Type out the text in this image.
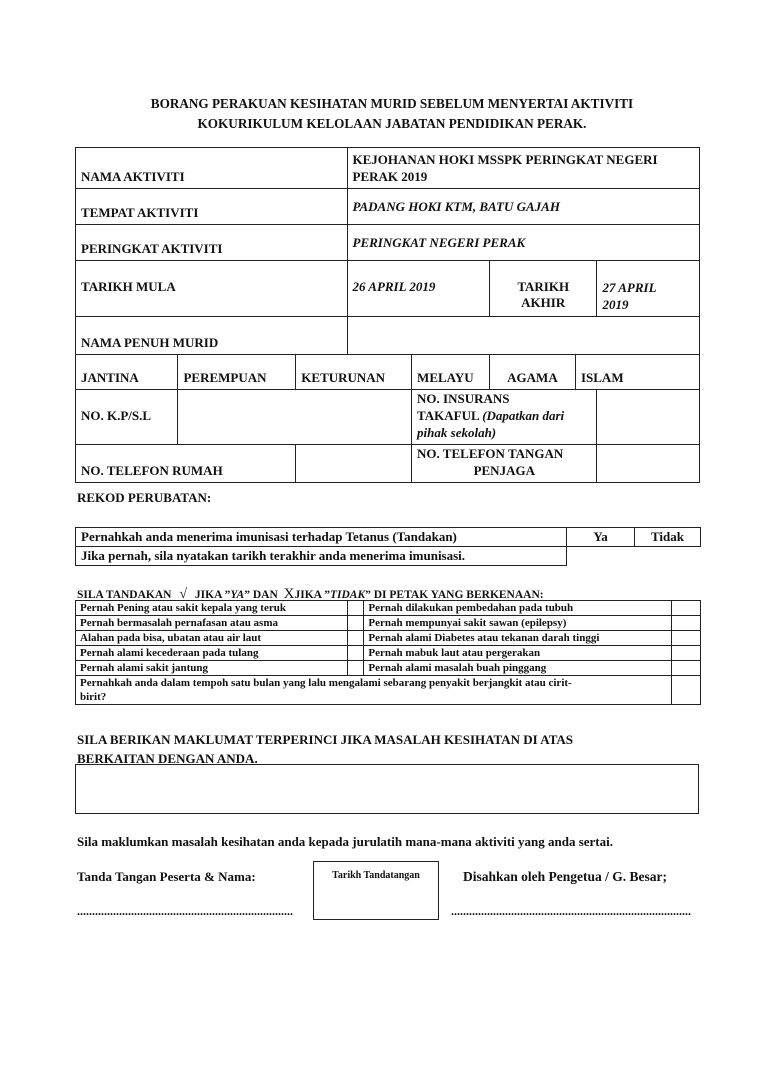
BORANG PERAKUAN KESIHATAN MURID SEBELUM MENYERTAI AKTIVITI
KOKURIKULUM KELOLAAN JABATAN PENDIDIKAN PERAK.
NAMA AKTIVITI			KEJOHANAN HOKI MSSPK PERINGKAT NEGERI
PERAK 2019				

TEMPAT AKTIVITI			PADANG HOKI KTM, BATU GAJAH				
PERINGKAT AKTIVITI			PERINGKAT NEGERI PERAK				
TARIKH MULA			26 APRIL 2019		TARIKH AKHIR		27 APRIL
2019

NAMA PENUH MURID							
JANTINA	PEREMPUAN	KETURUNAN		MELAYU	AGAMA	ISLAM	
NO. K.P/S.L				NO. INSURANS
TAKAFUL (Dapatkan dari
pihak sekolah)			

NO. TELEFON RUMAH				NO. TELEFON TANGAN
PENJAGA			

REKOD PERUBATAN:
Pernahkah anda menerima imunisasi terhadap Tetanus (Tandakan)	Ya	Tidak
Jika pernah, sila nyatakan tarikh terakhir anda menerima imunisasi.		
SILA TANDAKAN √ JIKA ”YA” DAN XJIKA ”TIDAK” DI PETAK YANG BERKENAAN:
Pernah Pening atau sakit kepala yang teruk		Pernah dilakukan pembedahan pada tubuh	
Pernah bermasalah pernafasan atau asma		Pernah mempunyai sakit sawan (epilepsy)	
Alahan pada bisa, ubatan atau air laut		Pernah alami Diabetes atau tekanan darah tinggi	
Pernah alami kecederaan pada tulang		Pernah mabuk laut atau pergerakan	
Pernah alami sakit jantung		Pernah alami masalah buah pinggang	

Pernahkah anda dalam tempoh satu bulan yang lalu mengalami sebarang penyakit berjangkit atau cirit-
birit?			

SILA BERIKAN MAKLUMAT TERPERINCI JIKA MASALAH KESIHATAN DI ATAS
BERKAITAN DENGAN ANDA.
Sila maklumkan masalah kesihatan anda kepada jurulatih mana-mana aktiviti yang anda sertai.
Tanda Tangan Peserta & Nama:	Tarikh Tandatangan	Disahkan oleh Pengetua / G. Besar;
........................................................................	................................................................................
